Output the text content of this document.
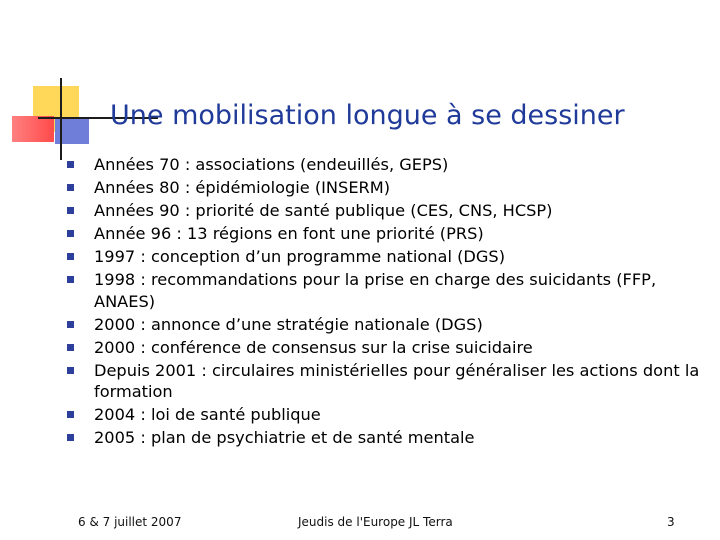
Une mobilisation longue à se dessiner
Années 70 : associations (endeuillés, GEPS)
Années 80 : épidémiologie (INSERM)
Années 90 : priorité de santé publique (CES, CNS, HCSP)
Année 96 : 13 régions en font une priorité (PRS)
1997 : conception d’un programme national (DGS)
1998 : recommandations pour la prise en charge des suicidants (FFP, ANAES)
2000 : annonce d’une stratégie nationale (DGS)
2000 : conférence de consensus sur la crise suicidaire
Depuis 2001 : circulaires ministérielles pour généraliser les actions dont la formation
2004 : loi de santé publique
2005 : plan de psychiatrie et de santé mentale
6 & 7 juillet 2007	Jeudis de l'Europe JL Terra	3
